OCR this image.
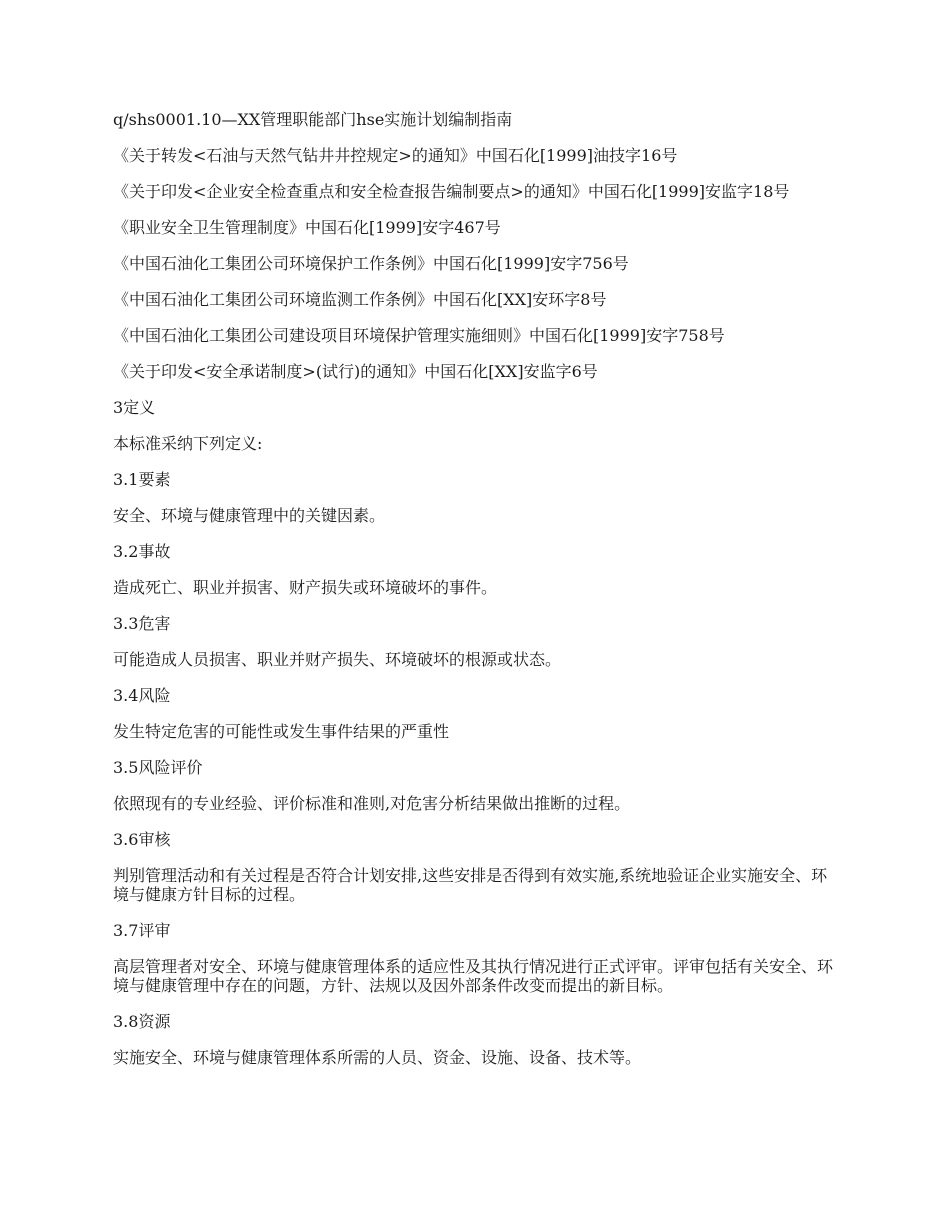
q/shs0001.10—XX管理职能部门hse实施计划编制指南

《关于转发<石油与天然气钻井井控规定>的通知》中国石化[1999]油技字16号

《关于印发<企业安全检查重点和安全检查报告编制要点>的通知》中国石化[1999]安监字18号

《职业安全卫生管理制度》中国石化[1999]安字467号

《中国石油化工集团公司环境保护工作条例》中国石化[1999]安字756号

《中国石油化工集团公司环境监测工作条例》中国石化[XX]安环字8号

《中国石油化工集团公司建设项目环境保护管理实施细则》中国石化[1999]安字758号

《关于印发<安全承诺制度>(试行)的通知》中国石化[XX]安监字6号

3定义

本标准采纳下列定义:

3.1要素

安全、环境与健康管理中的关键因素。

3.2事故

造成死亡、职业并损害、财产损失或环境破坏的事件。

3.3危害

可能造成人员损害、职业并财产损失、环境破坏的根源或状态。

3.4风险

发生特定危害的可能性或发生事件结果的严重性

3.5风险评价

依照现有的专业经验、评价标准和准则,对危害分析结果做出推断的过程。

3.6审核

判别管理活动和有关过程是否符合计划安排,这些安排是否得到有效实施,系统地验证企业实施安全、环境与健康方针目标的过程。

3.7评审

高层管理者对安全、环境与健康管理体系的适应性及其执行情况进行正式评审。评审包括有关安全、环境与健康管理中存在的问题，方针、法规以及因外部条件改变而提出的新目标。

3.8资源

实施安全、环境与健康管理体系所需的人员、资金、设施、设备、技术等。
